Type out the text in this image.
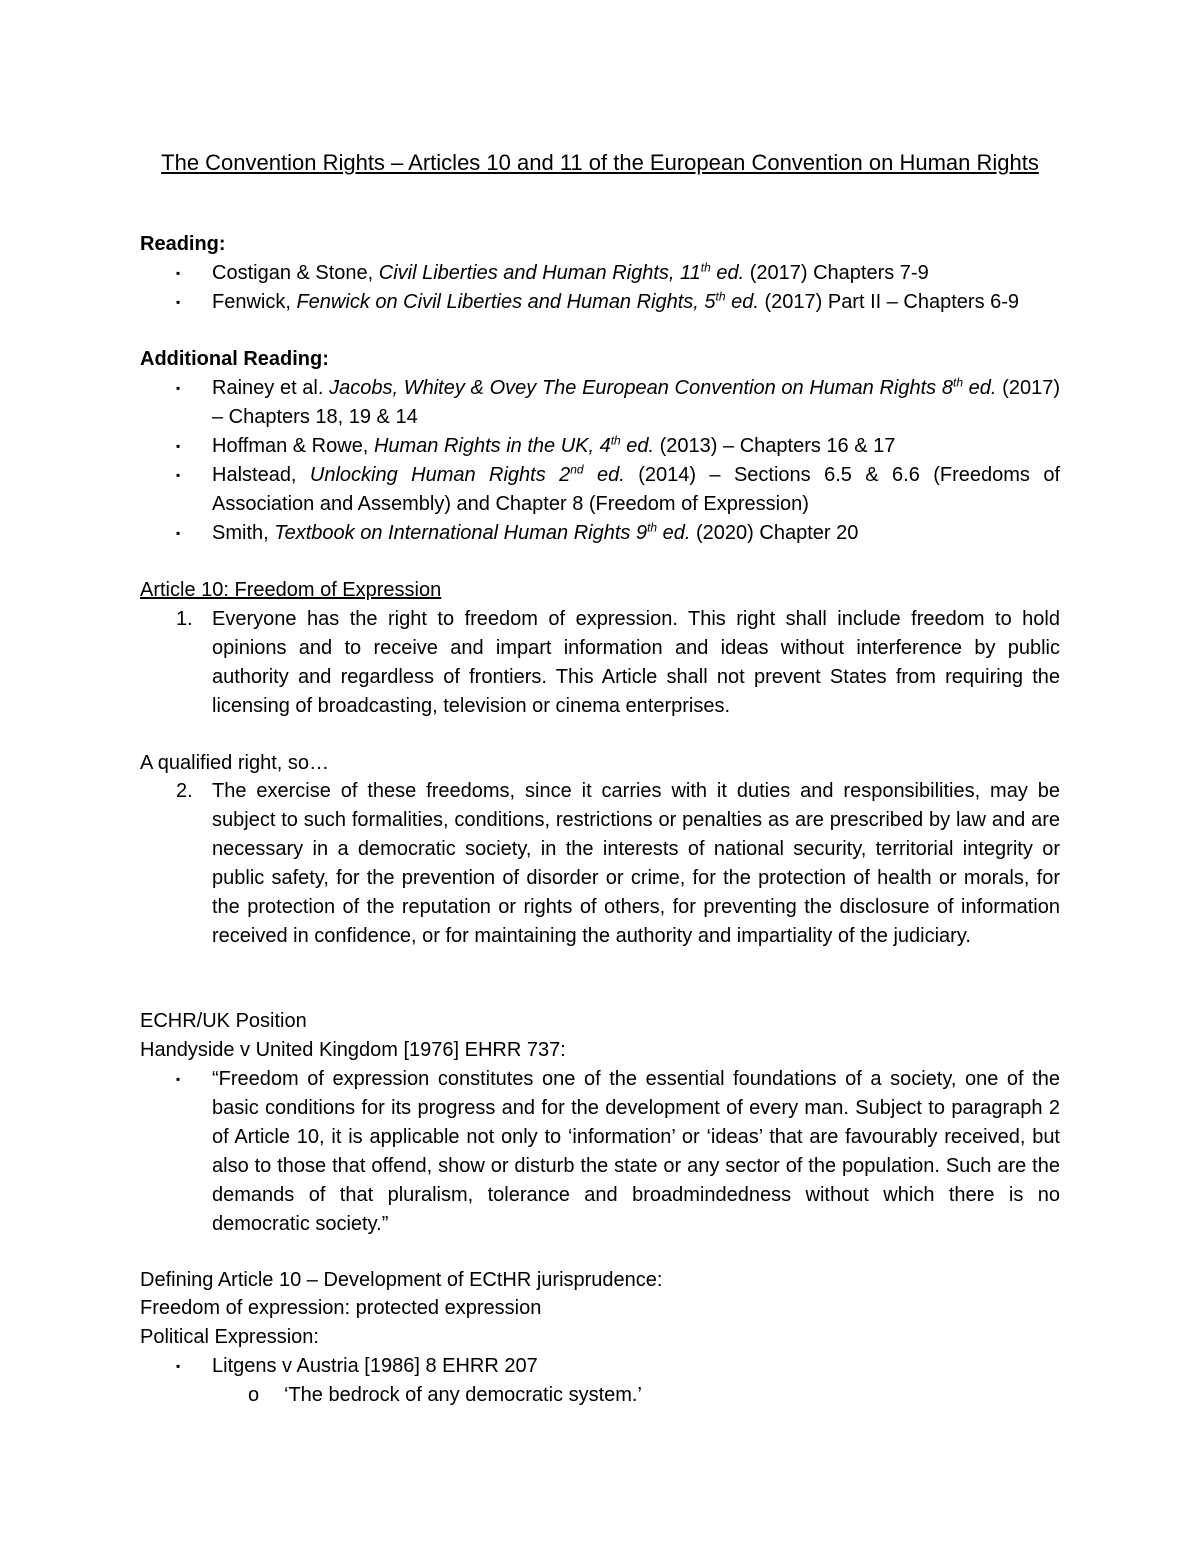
The Convention Rights – Articles 10 and 11 of the European Convention on Human Rights
Reading:
▪ Costigan & Stone, Civil Liberties and Human Rights, 11th ed. (2017) Chapters 7-9
▪ Fenwick, Fenwick on Civil Liberties and Human Rights, 5th ed. (2017) Part II – Chapters 6-9
Additional Reading:
▪ Rainey et al. Jacobs, Whitey & Ovey The European Convention on Human Rights 8th ed. (2017) – Chapters 18, 19 & 14
▪ Hoffman & Rowe, Human Rights in the UK, 4th ed. (2013) – Chapters 16 & 17
▪ Halstead, Unlocking Human Rights 2nd ed. (2014) – Sections 6.5 & 6.6 (Freedoms of Association and Assembly) and Chapter 8 (Freedom of Expression)
▪ Smith, Textbook on International Human Rights 9th ed. (2020) Chapter 20
Article 10: Freedom of Expression
1. Everyone has the right to freedom of expression. This right shall include freedom to hold opinions and to receive and impart information and ideas without interference by public authority and regardless of frontiers. This Article shall not prevent States from requiring the licensing of broadcasting, television or cinema enterprises.
A qualified right, so…
2. The exercise of these freedoms, since it carries with it duties and responsibilities, may be subject to such formalities, conditions, restrictions or penalties as are prescribed by law and are necessary in a democratic society, in the interests of national security, territorial integrity or public safety, for the prevention of disorder or crime, for the protection of health or morals, for the protection of the reputation or rights of others, for preventing the disclosure of information received in confidence, or for maintaining the authority and impartiality of the judiciary.
ECHR/UK Position
Handyside v United Kingdom [1976] EHRR 737:
▪ “Freedom of expression constitutes one of the essential foundations of a society, one of the basic conditions for its progress and for the development of every man. Subject to paragraph 2 of Article 10, it is applicable not only to ‘information’ or ‘ideas’ that are favourably received, but also to those that offend, show or disturb the state or any sector of the population. Such are the demands of that pluralism, tolerance and broadmindedness without which there is no democratic society.”
Defining Article 10 – Development of ECtHR jurisprudence:
Freedom of expression: protected expression
Political Expression:
▪ Litgens v Austria [1986] 8 EHRR 207
o ‘The bedrock of any democratic system.’
